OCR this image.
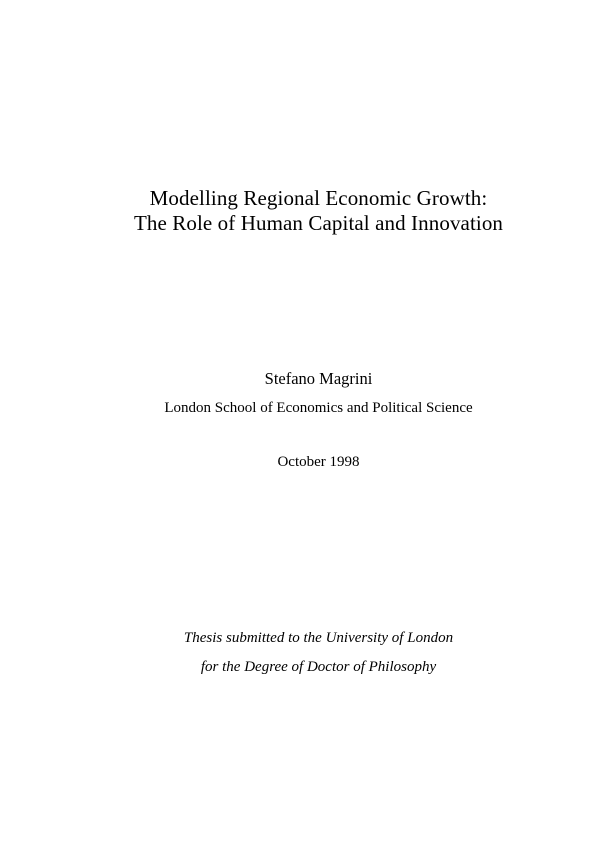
Modelling Regional Economic Growth:
The Role of Human Capital and Innovation
Stefano Magrini
London School of Economics and Political Science
October 1998
Thesis submitted to the University of London
for the Degree of Doctor of Philosophy
